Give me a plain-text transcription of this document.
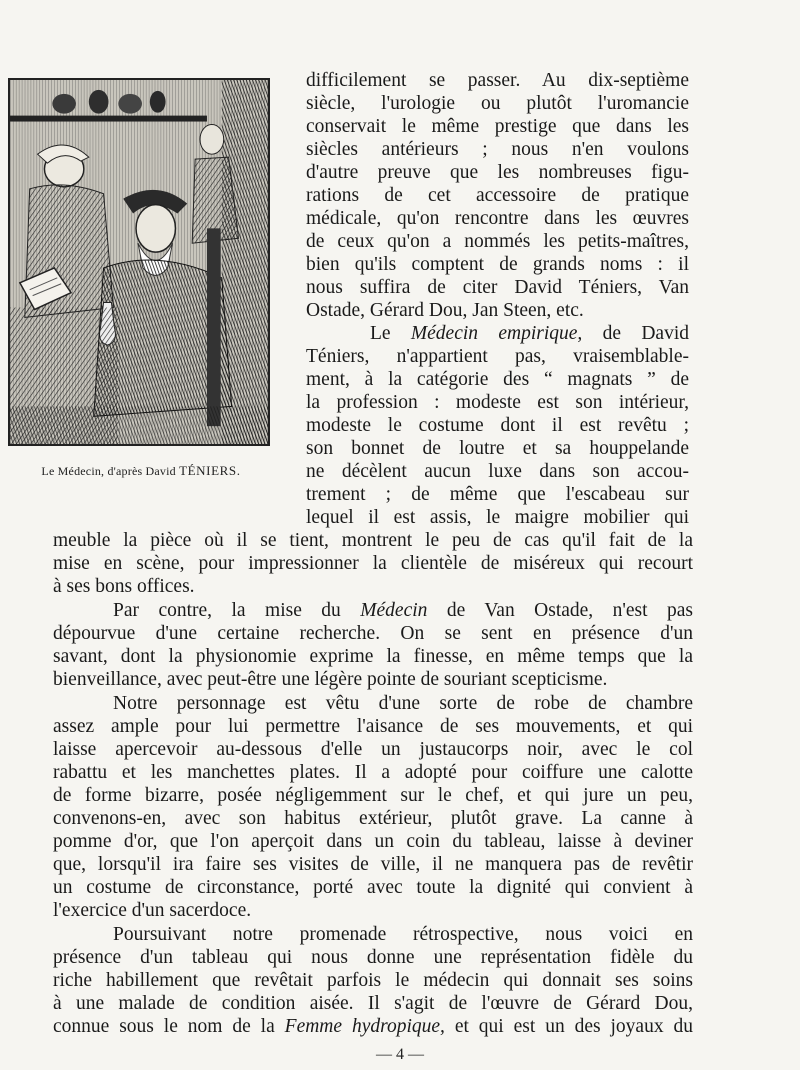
Le Médecin, d'après David TÉNIERS.
difficilement se passer. Au dix-septième
siècle, l'urologie ou plutôt l'uromancie
conservait le même prestige que dans les
siècles antérieurs ; nous n'en voulons
d'autre preuve que les nombreuses figu-
rations de cet accessoire de pratique
médicale, qu'on rencontre dans les œuvres
de ceux qu'on a nommés les petits-maîtres,
bien qu'ils comptent de grands noms : il
nous suffira de citer David Téniers, Van
Ostade, Gérard Dou, Jan Steen, etc.
Le Médecin empirique, de David
Téniers, n'appartient pas, vraisemblable-
ment, à la catégorie des “ magnats ” de
la profession : modeste est son intérieur,
modeste le costume dont il est revêtu ;
son bonnet de loutre et sa houppelande
ne décèlent aucun luxe dans son accou-
trement ; de même que l'escabeau sur
lequel il est assis, le maigre mobilier qui
meuble la pièce où il se tient, montrent le peu de cas qu'il fait de la
mise en scène, pour impressionner la clientèle de miséreux qui recourt
à ses bons offices.
Par contre, la mise du Médecin de Van Ostade, n'est pas
dépourvue d'une certaine recherche. On se sent en présence d'un
savant, dont la physionomie exprime la finesse, en même temps que la
bienveillance, avec peut-être une légère pointe de souriant scepticisme.
Notre personnage est vêtu d'une sorte de robe de chambre
assez ample pour lui permettre l'aisance de ses mouvements, et qui
laisse apercevoir au-dessous d'elle un justaucorps noir, avec le col
rabattu et les manchettes plates. Il a adopté pour coiffure une calotte
de forme bizarre, posée négligemment sur le chef, et qui jure un peu,
convenons-en, avec son habitus extérieur, plutôt grave. La canne à
pomme d'or, que l'on aperçoit dans un coin du tableau, laisse à deviner
que, lorsqu'il ira faire ses visites de ville, il ne manquera pas de revêtir
un costume de circonstance, porté avec toute la dignité qui convient à
l'exercice d'un sacerdoce.
Poursuivant notre promenade rétrospective, nous voici en
présence d'un tableau qui nous donne une représentation fidèle du
riche habillement que revêtait parfois le médecin qui donnait ses soins
à une malade de condition aisée. Il s'agit de l'œuvre de Gérard Dou,
connue sous le nom de la Femme hydropique, et qui est un des joyaux du
— 4 —
